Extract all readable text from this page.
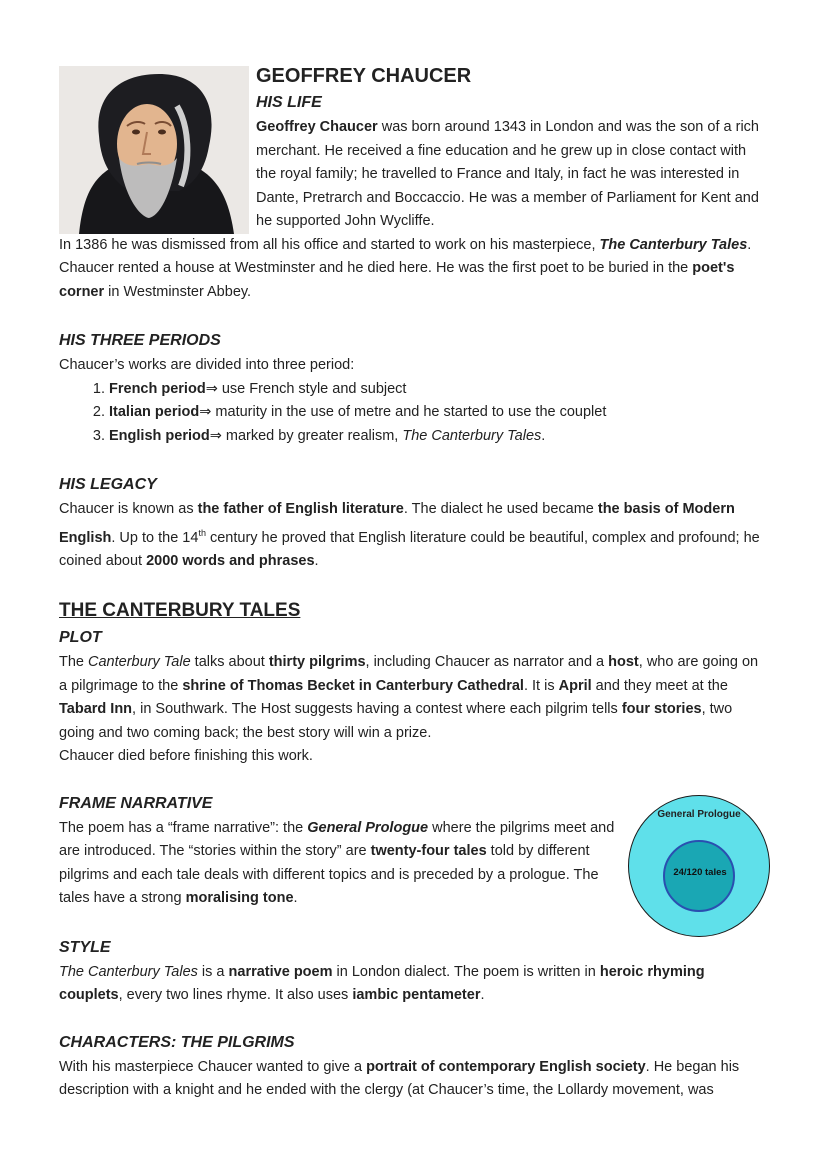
GEOFFREY CHAUCER
HIS LIFE

Geoffrey Chaucer was born around 1343 in London and was the son of a rich merchant. He received a fine education and he grew up in close contact with the royal family; he travelled to France and Italy, in fact he was interested in Dante, Pretrarch and Boccaccio. He was a member of Parliament for Kent and he supported John Wycliffe.

In 1386 he was dismissed from all his office and started to work on his masterpiece, The Canterbury Tales. Chaucer rented a house at Westminster and he died here. He was the first poet to be buried in the poet's corner in Westminster Abbey.

HIS THREE PERIODS

Chaucer’s works are divided into three period:

1. French period⇒ use French style and subject
2. Italian period⇒ maturity in the use of metre and he started to use the couplet
3. English period⇒ marked by greater realism, The Canterbury Tales.
HIS LEGACY

Chaucer is known as the father of English literature. The dialect he used became the basis of Modern English. Up to the 14th century he proved that English literature could be beautiful, complex and profound; he coined about 2000 words and phrases.

THE CANTERBURY TALES
PLOT

The Canterbury Tale talks about thirty pilgrims, including Chaucer as narrator and a host, who are going on a pilgrimage to the shrine of Thomas Becket in Canterbury Cathedral. It is April and they meet at the Tabard Inn, in Southwark. The Host suggests having a contest where each pilgrim tells four stories, two going and two coming back; the best story will win a prize.

Chaucer died before finishing this work.

FRAME NARRATIVE

The poem has a “frame narrative”: the General Prologue where the pilgrims meet and are introduced. The “stories within the story” are twenty-four tales told by different pilgrims and each tale deals with different topics and is preceded by a prologue. The tales have a strong moralising tone.

General Prologue
24/120 tales
STYLE

The Canterbury Tales is a narrative poem in London dialect. The poem is written in heroic rhyming couplets, every two lines rhyme. It also uses iambic pentameter.

CHARACTERS: THE PILGRIMS

With his masterpiece Chaucer wanted to give a portrait of contemporary English society. He began his description with a knight and he ended with the clergy (at Chaucer’s time, the Lollardy movement, was
